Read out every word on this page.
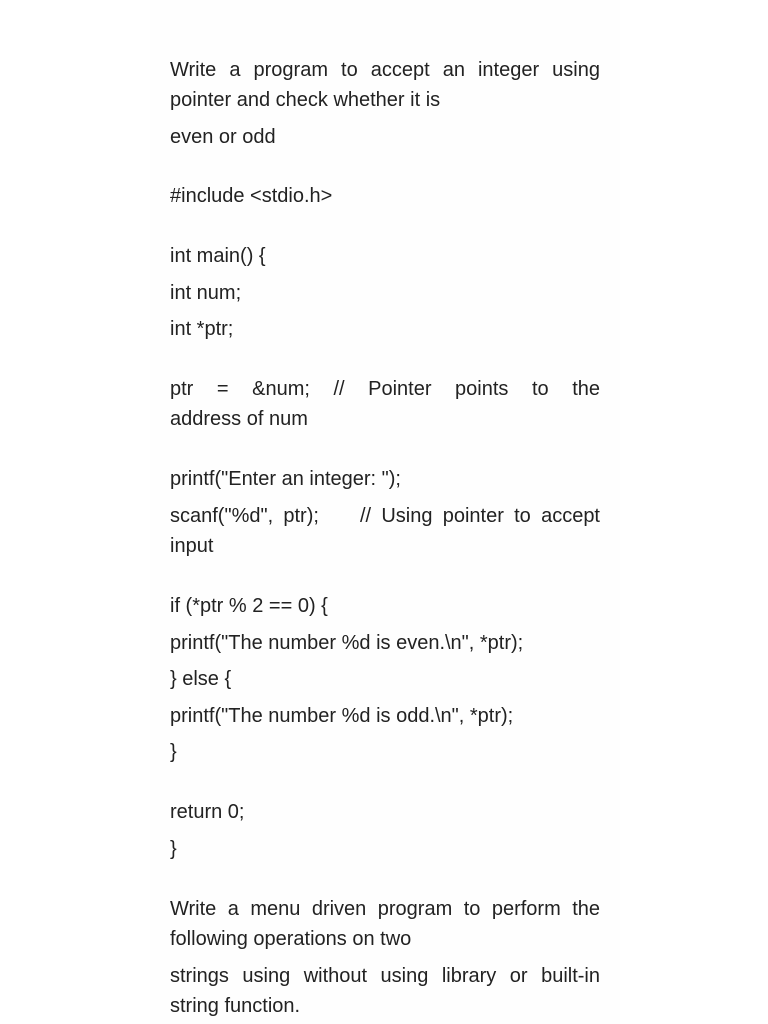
Write a program to accept an integer using
pointer and check whether it is
even or odd
#include <stdio.h>
int main() {
int num;
int *ptr;
ptr = &num; // Pointer points to the
address of num
printf("Enter an integer: ");
scanf("%d", ptr);    // Using pointer to accept
input
if (*ptr % 2 == 0) {
printf("The number %d is even.\n", *ptr);
} else {
printf("The number %d is odd.\n", *ptr);
}
return 0;
}
Write a menu driven program to perform the
following operations on two
strings using without using library or built-in
string function.
